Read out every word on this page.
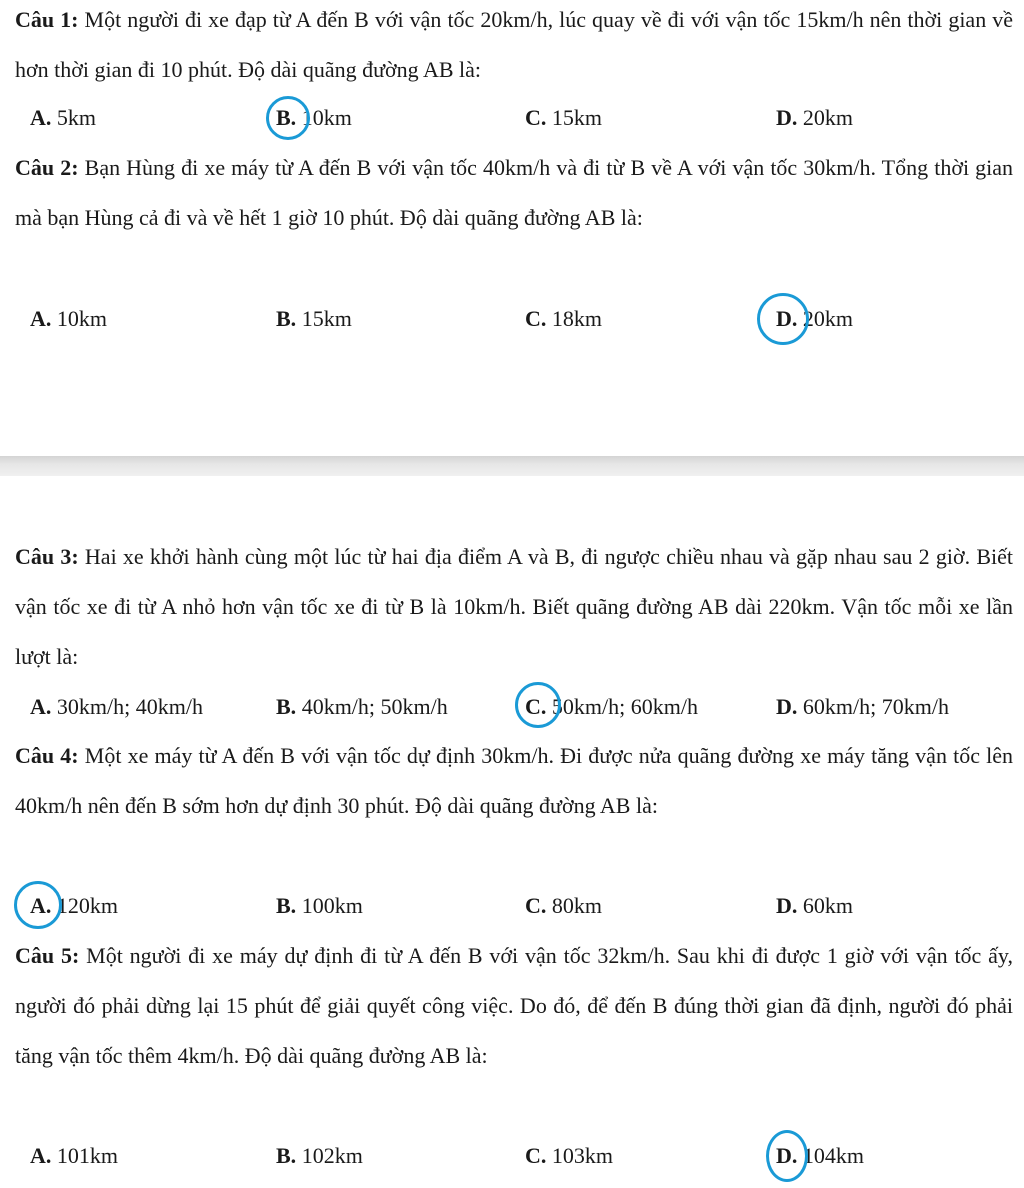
Câu 1: Một người đi xe đạp từ A đến B với vận tốc 20km/h, lúc quay về đi với vận tốc 15km/h nên thời gian về hơn thời gian đi 10 phút. Độ dài quãng đường AB là:
A. 5km	B. 10km	C. 15km	D. 20km
Câu 2: Bạn Hùng đi xe máy từ A đến B với vận tốc 40km/h và đi từ B về A với vận tốc 30km/h. Tổng thời gian mà bạn Hùng cả đi và về hết 1 giờ 10 phút. Độ dài quãng đường AB là:
A. 10km	B. 15km	C. 18km	D. 20km
Câu 3: Hai xe khởi hành cùng một lúc từ hai địa điểm A và B, đi ngược chiều nhau và gặp nhau sau 2 giờ. Biết vận tốc xe đi từ A nhỏ hơn vận tốc xe đi từ B là 10km/h. Biết quãng đường AB dài 220km. Vận tốc mỗi xe lần lượt là:
A. 30km/h; 40km/h	B. 40km/h; 50km/h	C. 50km/h; 60km/h	D. 60km/h; 70km/h
Câu 4: Một xe máy từ A đến B với vận tốc dự định 30km/h. Đi được nửa quãng đường xe máy tăng vận tốc lên 40km/h nên đến B sớm hơn dự định 30 phút. Độ dài quãng đường AB là:
A. 120km	B. 100km	C. 80km	D. 60km
Câu 5: Một người đi xe máy dự định đi từ A đến B với vận tốc 32km/h. Sau khi đi được 1 giờ với vận tốc ấy, người đó phải dừng lại 15 phút để giải quyết công việc. Do đó, để đến B đúng thời gian đã định, người đó phải tăng vận tốc thêm 4km/h. Độ dài quãng đường AB là:
A. 101km	B. 102km	C. 103km	D. 104km
